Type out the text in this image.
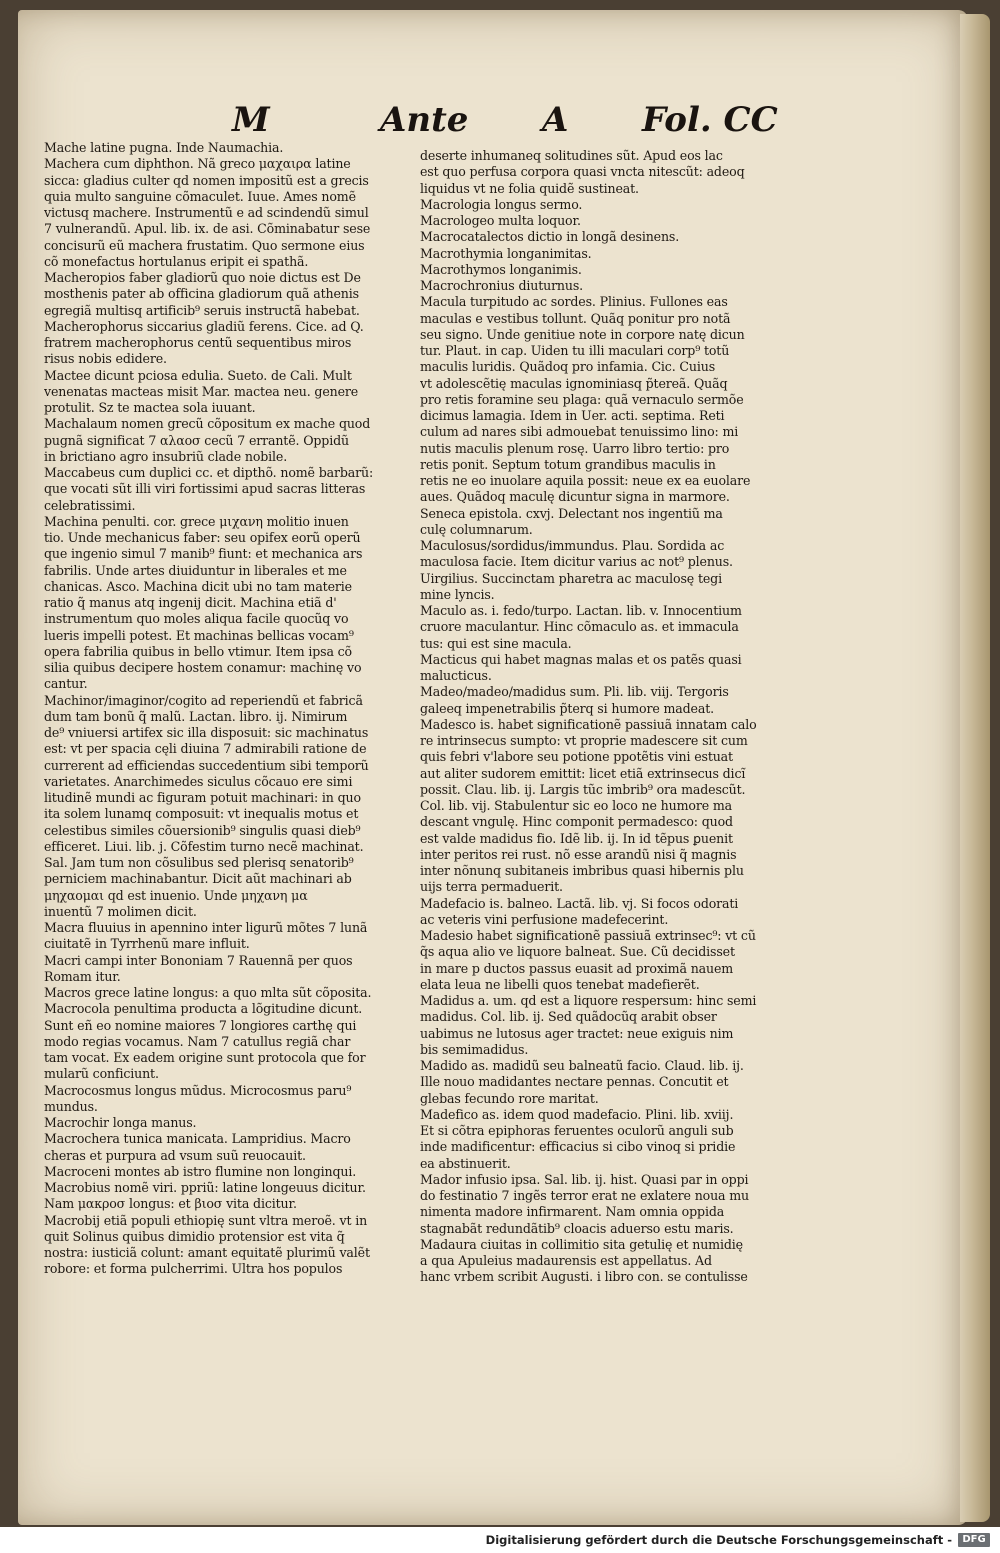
M	Ante A Fol. CC
Mache latine pugna. Inde Naumachia.
Machera cum diphthon. Nã greco μαχαιρα latine
sicca: gladius culter qd nomen impositũ est a grecis
quia multo sanguine cõmaculet. Iuue. Ames nomẽ
victusq machere. Instrumentũ e ad scindendũ simul
7 vulnerandũ. Apul. lib. ix. de asi. Cõminabatur sese
concisurũ eũ machera frustatim. Quo sermone eius
cõ monefactus hortulanus eripit ei spathã.
Macheropios faber gladiorũ quo noie dictus est De
mosthenis pater ab officina gladiorum quã athenis
egregiã multisq artificib⁹ seruis instructã habebat.
Macherophorus siccarius gladiũ ferens. Cice. ad Q.
fratrem macherophorus centũ sequentibus miros
risus nobis edidere.
Mactee dicunt pciosa edulia. Sueto. de Cali. Mult
venenatas macteas misit Mar. mactea neu. genere
protulit. Sz te mactea sola iuuant.
Machalaum nomen grecũ cõpositum ex mache quod
pugnã significat 7 αλαοσ cecũ 7 errantẽ. Oppidũ
in brictiano agro insubriũ clade nobile.
Maccabeus cum duplici cc. et dipthõ. nomẽ barbarũ:
que vocati sũt illi viri fortissimi apud sacras litteras
celebratissimi.
Machina penulti. cor. grece μιχανη molitio inuen
tio. Unde mechanicus faber: seu opifex eorũ operũ
que ingenio simul 7 manib⁹ fiunt: et mechanica ars
fabrilis. Unde artes diuiduntur in liberales et me
chanicas. Asco. Machina dicit ubi no tam materie
ratio q̃ manus atq ingenij dicit. Machina etiã d'
instrumentum quo moles aliqua facile quocũq vo
lueris impelli potest. Et machinas bellicas vocam⁹
opera fabrilia quibus in bello vtimur. Item ipsa cõ
silia quibus decipere hostem conamur: machinę vo
cantur.
Machinor/imaginor/cogito ad reperiendũ et fabricã
dum tam bonũ q̃ malũ. Lactan. libro. ij. Nimirum
de⁹ vniuersi artifex sic illa disposuit: sic machinatus
est: vt per spacia cęli diuina 7 admirabili ratione de
currerent ad efficiendas succedentium sibi temporũ
varietates. Anarchimedes siculus cõcauo ere simi
litudinẽ mundi ac figuram potuit machinari: in quo
ita solem lunamq composuit: vt inequalis motus et
celestibus similes cõuersionib⁹ singulis quasi dieb⁹
efficeret. Liui. lib. j. Cõfestim turno necẽ machinat.
Sal. Jam tum non cõsulibus sed plerisq senatorib⁹
perniciem machinabantur. Dicit aũt machinari ab
μηχαομαι qd est inuenio. Unde μηχανη μα
inuentũ 7 molimen dicit.
Macra fluuius in apennino inter ligurũ mõtes 7 lunã
ciuitatẽ in Tyrrhenũ mare influit.
Macri campi inter Bononiam 7 Rauennã per quos
Romam itur.
Macros grece latine longus: a quo mlta sũt cõposita.
Macrocola penultima producta a lõgitudine dicunt.
Sunt eñ eo nomine maiores 7 longiores carthę qui
modo regias vocamus. Nam 7 catullus regiã char
tam vocat. Ex eadem origine sunt protocola que for
mularũ conficiunt.
Macrocosmus longus mũdus. Microcosmus paru⁹
mundus.
Macrochir longa manus.
Macrochera tunica manicata. Lampridius. Macro
cheras et purpura ad vsum suũ reuocauit.
Macroceni montes ab istro flumine non longinqui.
Macrobius nomẽ viri. ppriũ: latine longeuus dicitur.
Nam μακροσ longus: et βιοσ vita dicitur.
Macrobij etiã populi ethiopię sunt vltra meroẽ. vt in
quit Solinus quibus dimidio protensior est vita q̃
nostra: iusticiã colunt: amant equitatẽ plurimũ valẽt
robore: et forma pulcherrimi. Ultra hos populos
deserte inhumaneq solitudines sũt. Apud eos lac
est quo perfusa corpora quasi vncta nitescũt: adeoq
liquidus vt ne folia quidẽ sustineat.
Macrologia longus sermo.
Macrologeo multa loquor.
Macrocatalectos dictio in longã desinens.
Macrothymia longanimitas.
Macrothymos longanimis.
Macrochronius diuturnus.
Macula turpitudo ac sordes. Plinius. Fullones eas
maculas e vestibus tollunt. Quãq ponitur pro notã
seu signo. Unde genitiue note in corpore natę dicun
tur. Plaut. in cap. Uiden tu illi maculari corp⁹ totũ
maculis luridis. Quãdoq pro infamia. Cic. Cuius
vt adolescẽtię maculas ignominiasq p̃tereã. Quãq
pro retis foramine seu plaga: quã vernaculo sermõe
dicimus lamagia. Idem in Uer. acti. septima. Reti
culum ad nares sibi admouebat tenuissimo lino: mi
nutis maculis plenum rosę. Uarro libro tertio: pro
retis ponit. Septum totum grandibus maculis in
retis ne eo inuolare aquila possit: neue ex ea euolare
aues. Quãdoq maculę dicuntur signa in marmore.
Seneca epistola. cxvj. Delectant nos ingentiũ ma
culę columnarum.
Maculosus/sordidus/immundus. Plau. Sordida ac
maculosa facie. Item dicitur varius ac not⁹ plenus.
Uirgilius. Succinctam pharetra ac maculosę tegi
mine lyncis.
Maculo as. i. fedo/turpo. Lactan. lib. v. Innocentium
cruore maculantur. Hinc cõmaculo as. et immacula
tus: qui est sine macula.
Macticus qui habet magnas malas et os patẽs quasi
malucticus.
Madeo/madeo/madidus sum. Pli. lib. viij. Tergoris
galeeq impenetrabilis p̃terq si humore madeat.
Madesco is. habet significationẽ passiuã innatam calo
re intrinsecus sumpto: vt proprie madescere sit cum
quis febri v'labore seu potione ppotẽtis vini estuat
aut aliter sudorem emittit: licet etiã extrinsecus dicĩ
possit. Clau. lib. ij. Largis tũc imbrib⁹ ora madescũt.
Col. lib. vij. Stabulentur sic eo loco ne humore ma
descant vngulę. Hinc componit permadesco: quod
est valde madidus fio. Idẽ lib. ij. In id tẽpus ꝑuenit
inter peritos rei rust. nõ esse arandũ nisi q̃ magnis
inter nõnunq subitaneis imbribus quasi hibernis plu
uijs terra permaduerit.
Madefacio is. balneo. Lactã. lib. vj. Si focos odorati
ac veteris vini perfusione madefecerint.
Madesio habet significationẽ passiuã extrinsec⁹: vt cũ
q̃s aqua alio ve liquore balneat. Sue. Cũ decidisset
in mare p ductos passus euasit ad proximã nauem
elata leua ne libelli quos tenebat madefierẽt.
Madidus a. um. qd est a liquore respersum: hinc semi
madidus. Col. lib. ij. Sed quãdocũq arabit obser
uabimus ne lutosus ager tractet: neue exiguis nim
bis semimadidus.
Madido as. madidũ seu balneatũ facio. Claud. lib. ij.
Ille nouo madidantes nectare pennas. Concutit et
glebas fecundo rore maritat.
Madefico as. idem quod madefacio. Plini. lib. xviij.
Et si cõtra epiphoras feruentes oculorũ anguli sub
inde madificentur: efficacius si cibo vinoq si pridie
ea abstinuerit.
Mador infusio ipsa. Sal. lib. ij. hist. Quasi par in oppi
do festinatio 7 ingẽs terror erat ne exlatere noua mu
nimenta madore infirmarent. Nam omnia oppida
stagnabãt redundãtib⁹ cloacis aduerso estu maris.
Madaura ciuitas in collimitio sita getulię et numidię
a qua Apuleius madaurensis est appellatus. Ad
hanc vrbem scribit Augusti. i libro con. se contulisse
Digitalisierung gefördert durch die Deutsche Forschungsgemeinschaft -	DFG
